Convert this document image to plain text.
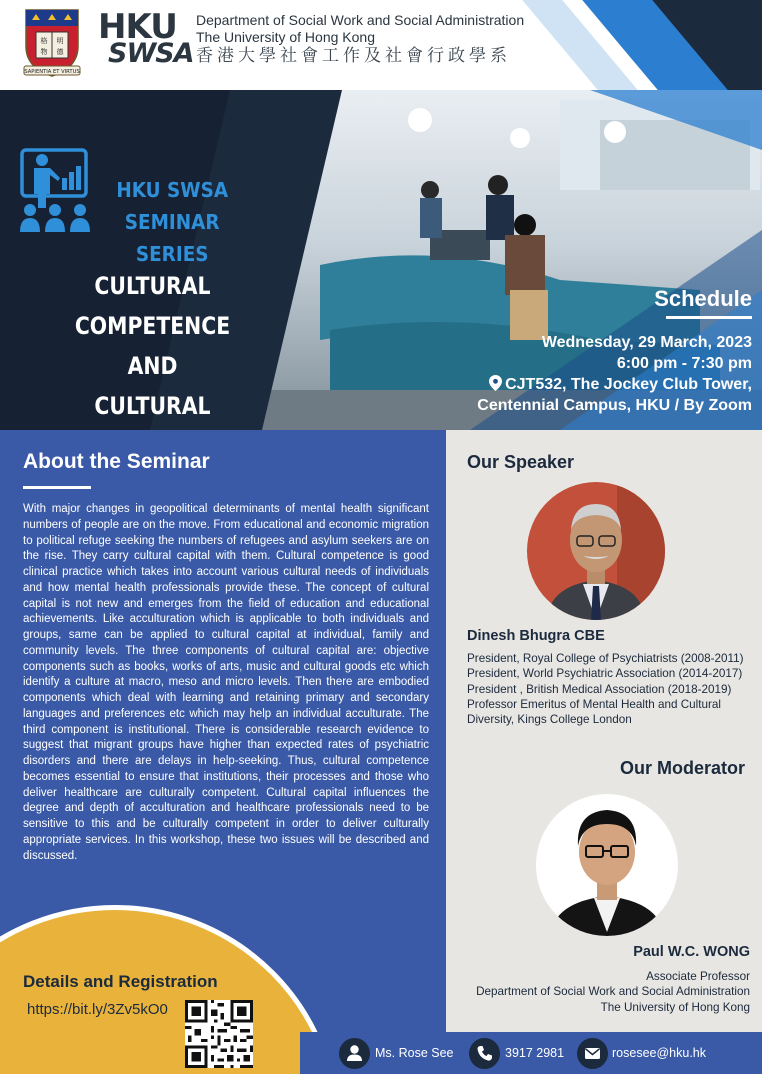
格 明
物 德
SAPIENTIA ET VIRTUS
HKU
SWSA
Department of Social Work and Social Administration
The University of Hong Kong
香港大學社會工作及社會行政學系
HKU SWSA
SEMINAR SERIES
CULTURAL COMPETENCE
AND
CULTURAL
Schedule
Wednesday, 29 March, 2023
6:00 pm - 7:30 pm
CJT532, The Jockey Club Tower,
Centennial Campus, HKU / By Zoom
About the Seminar
With major changes in geopolitical determinants of mental health significant numbers of people are on the move. From educational and economic migration to political refuge seeking the numbers of refugees and asylum seekers are on the rise. They carry cultural capital with them. Cultural competence is good clinical practice which takes into account various cultural needs of individuals and how mental health professionals provide these. The concept of cultural capital is not new and emerges from the field of education and educational achievements. Like acculturation which is applicable to both individuals and groups, same can be applied to cultural capital at individual, family and community levels. The three components of cultural capital are: objective components such as books, works of arts, music and cultural goods etc which identify a culture at macro, meso and micro levels. Then there are embodied components which deal with learning and retaining primary and secondary languages and preferences etc which may help an individual acculturate. The third component is institutional. There is considerable research evidence to suggest that migrant groups have higher than expected rates of psychiatric disorders and there are delays in help-seeking. Thus, cultural competence becomes essential to ensure that institutions, their processes and those who deliver healthcare are culturally competent. Cultural capital influences the degree and depth of acculturation and healthcare professionals need to be sensitive to this and be culturally competent in order to deliver culturally appropriate services. In this workshop, these two issues will be described and discussed.
Details and Registration
https://bit.ly/3Zv5kO0
Our Speaker
Dinesh Bhugra CBE
President, Royal College of Psychiatrists (2008-2011)
President, World Psychiatric Association (2014-2017)
President , British Medical Association (2018-2019)
Professor Emeritus of Mental Health and Cultural
Diversity, Kings College London
Our Moderator
Paul W.C. WONG
Associate Professor
Department of Social Work and Social Administration
The University of Hong Kong
Ms. Rose See	3917 2981	rosesee@hku.hk
